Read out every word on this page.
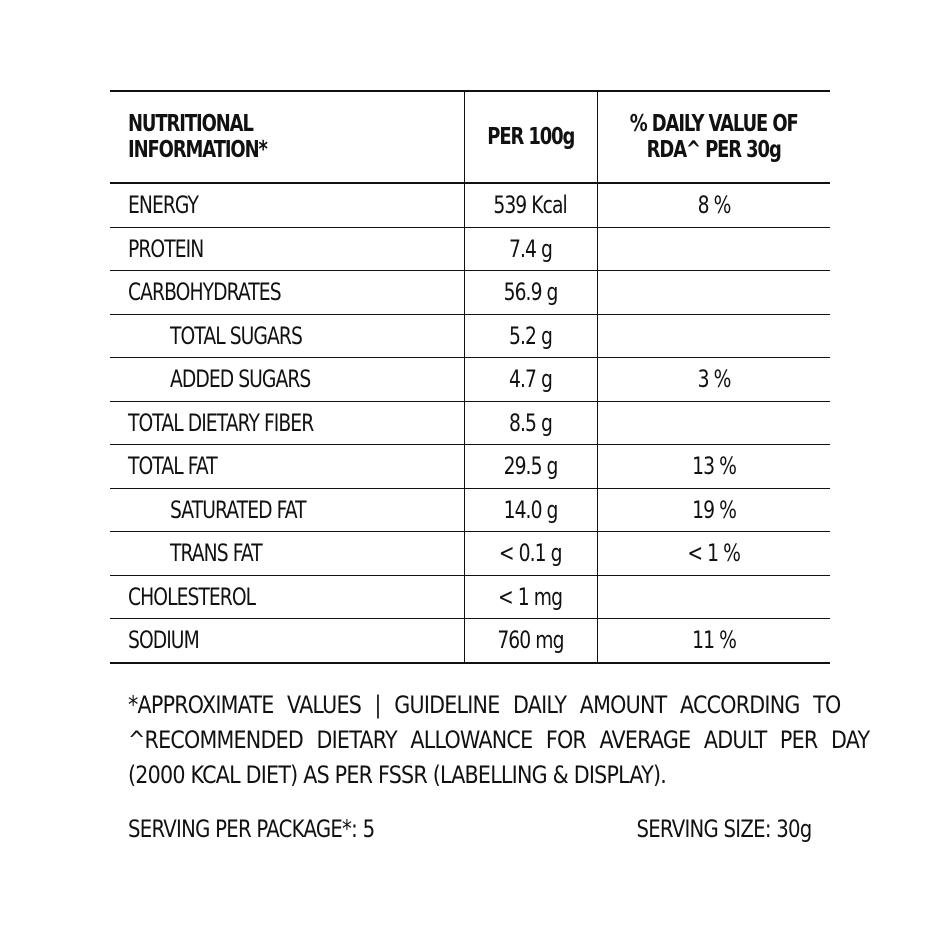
NUTRITIONAL INFORMATION*	PER 100g	% DAILY VALUE OF
RDA^ PER 30g
ENERGY	539 Kcal	8 %
PROTEIN	7.4 g	
CARBOHYDRATES	56.9 g	
TOTAL SUGARS	5.2 g	
ADDED SUGARS	4.7 g	3 %
TOTAL DIETARY FIBER	8.5 g	
TOTAL FAT	29.5 g	13 %
SATURATED FAT	14.0 g	19 %
TRANS FAT	< 0.1 g	< 1 %
CHOLESTEROL	< 1 mg	
SODIUM	760 mg	11 %
*APPROXIMATE VALUES | GUIDELINE DAILY AMOUNT ACCORDING TO
^RECOMMENDED DIETARY ALLOWANCE FOR AVERAGE ADULT PER DAY
(2000 KCAL DIET) AS PER FSSR (LABELLING & DISPLAY).
SERVING PER PACKAGE*: 5	SERVING SIZE: 30g
